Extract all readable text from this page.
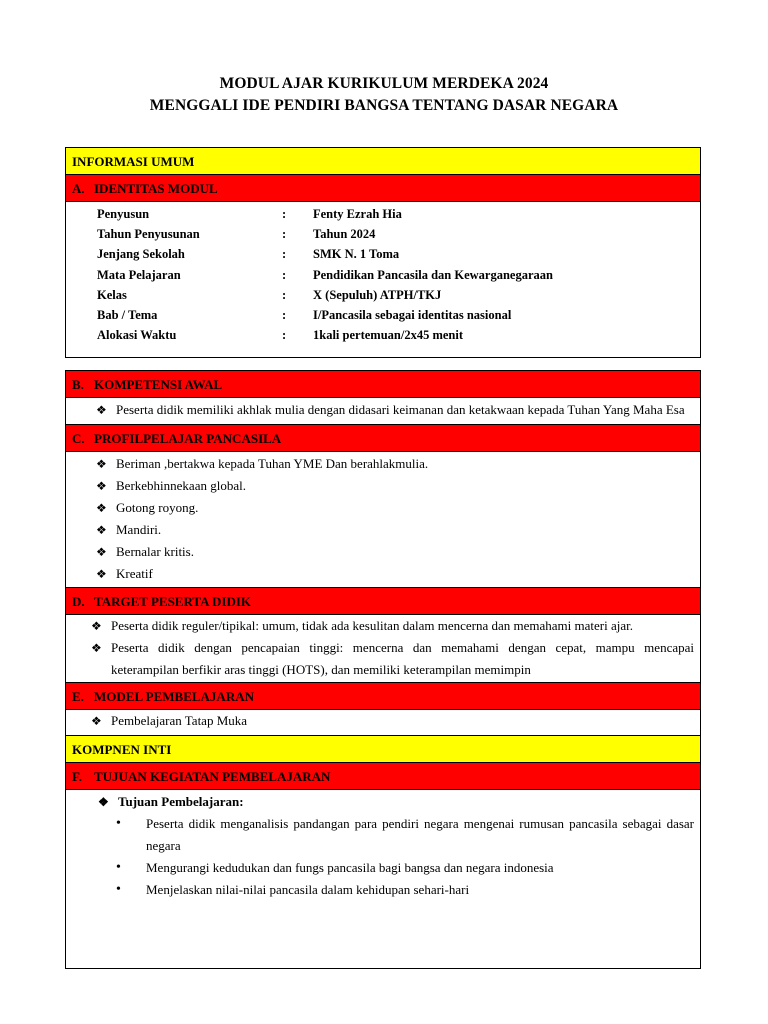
MODUL AJAR KURIKULUM MERDEKA 2024
MENGGALI IDE PENDIRI BANGSA TENTANG DASAR NEGARA
INFORMASI UMUM
A. IDENTITAS MODUL
Penyusun	:	Fenty Ezrah Hia
Tahun Penyusunan	:	Tahun 2024
Jenjang Sekolah	:	SMK N. 1 Toma
Mata Pelajaran	:	Pendidikan Pancasila dan Kewarganegaraan
Kelas	:	X (Sepuluh) ATPH/TKJ
Bab / Tema	:	I/Pancasila sebagai identitas nasional
Alokasi Waktu	:	1kali pertemuan/2x45 menit
B. KOMPETENSI AWAL
❖ Peserta didik memiliki akhlak mulia dengan didasari keimanan dan ketakwaan kepada Tuhan Yang Maha Esa
C. PROFILPELAJAR PANCASILA
❖ Beriman ,bertakwa kepada Tuhan YME Dan berahlakmulia.
❖ Berkebhinnekaan global.
❖ Gotong royong.
❖ Mandiri.
❖ Bernalar kritis.
❖ Kreatif
D. TARGET PESERTA DIDIK
❖ Peserta didik reguler/tipikal: umum, tidak ada kesulitan dalam mencerna dan memahami materi ajar.
❖ Peserta didik dengan pencapaian tinggi: mencerna dan memahami dengan cepat, mampu mencapai keterampilan berfikir aras tinggi (HOTS), dan memiliki keterampilan memimpin
E. MODEL PEMBELAJARAN
❖ Pembelajaran Tatap Muka
KOMPNEN INTI
F. TUJUAN KEGIATAN PEMBELAJARAN
❖ Tujuan Pembelajaran:
•	Peserta didik menganalisis pandangan para pendiri negara mengenai rumusan pancasila sebagai dasar negara
•	Mengurangi kedudukan dan fungs pancasila bagi bangsa dan negara indonesia
•	Menjelaskan nilai-nilai pancasila dalam kehidupan sehari-hari
